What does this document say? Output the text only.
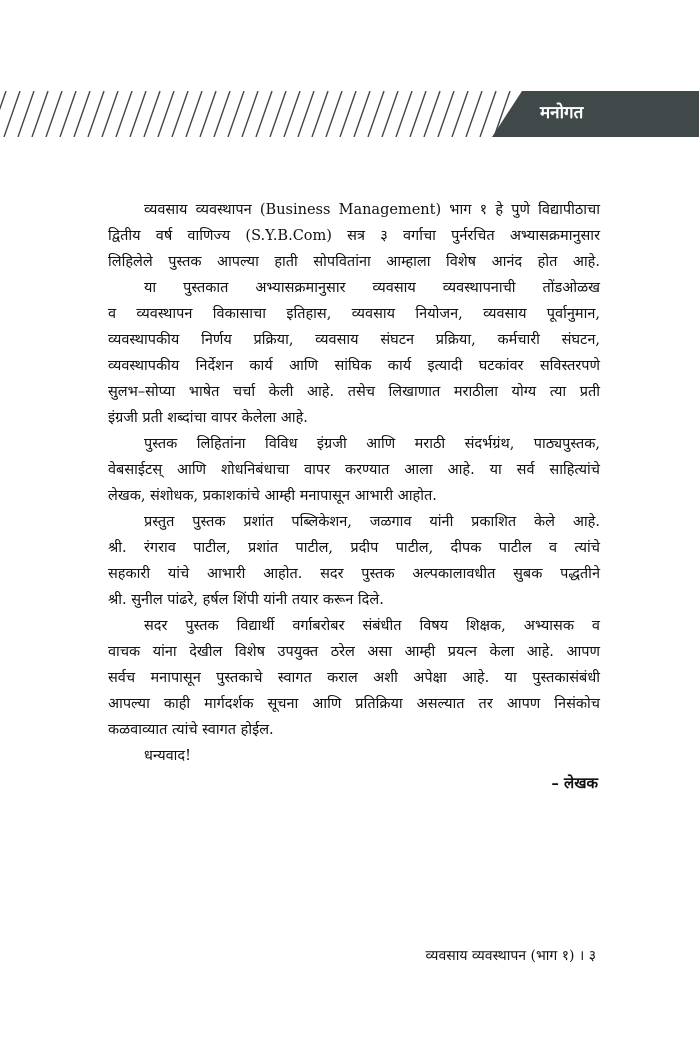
मनोगत
व्यवसाय व्यवस्थापन (Business Management) भाग १ हे पुणे विद्यापीठाचा
द्वितीय वर्ष वाणिज्य (S.Y.B.Com) सत्र ३ वर्गाचा पुर्नरचित अभ्यासक्रमानुसार
लिहिलेले पुस्तक आपल्या हाती सोपवितांना आम्हाला विशेष आनंद होत आहे.
या पुस्तकात अभ्यासक्रमानुसार व्यवसाय व्यवस्थापनाची तोंडओळख
व व्यवस्थापन विकासाचा इतिहास, व्यवसाय नियोजन, व्यवसाय पूर्वानुमान,
व्यवस्थापकीय निर्णय प्रक्रिया, व्यवसाय संघटन प्रक्रिया, कर्मचारी संघटन,
व्यवस्थापकीय निर्देशन कार्य आणि सांघिक कार्य इत्यादी घटकांवर सविस्तरपणे
सुलभ–सोप्या भाषेत चर्चा केली आहे. तसेच लिखाणात मराठीला योग्य त्या प्रती
इंग्रजी प्रती शब्दांचा वापर केलेला आहे.
पुस्तक लिहितांना विविध इंग्रजी आणि मराठी संदर्भग्रंथ, पाठ्यपुस्तक,
वेबसाईटस् आणि शोधनिबंधाचा वापर करण्यात आला आहे. या सर्व साहित्यांचे
लेखक, संशोधक, प्रकाशकांचे आम्ही मनापासून आभारी आहोत.
प्रस्तुत पुस्तक प्रशांत पब्लिकेशन, जळगाव यांनी प्रकाशित केले आहे.
श्री. रंगराव पाटील, प्रशांत पाटील, प्रदीप पाटील, दीपक पाटील व त्यांचे
सहकारी यांचे आभारी आहोत. सदर पुस्तक अल्पकालावधीत सुबक पद्धतीने
श्री. सुनील पांढरे, हर्षल शिंपी यांनी तयार करून दिले.
सदर पुस्तक विद्यार्थी वर्गाबरोबर संबंधीत विषय शिक्षक, अभ्यासक व
वाचक यांना देखील विशेष उपयुक्त ठरेल असा आम्ही प्रयत्न केला आहे. आपण
सर्वच मनापासून पुस्तकाचे स्वागत कराल अशी अपेक्षा आहे. या पुस्तकासंबंधी
आपल्या काही मार्गदर्शक सूचना आणि प्रतिक्रिया असल्यात तर आपण निसंकोच
कळवाव्यात त्यांचे स्वागत होईल.
धन्यवाद!
– लेखक
व्यवसाय व्यवस्थापन (भाग १) । ३
